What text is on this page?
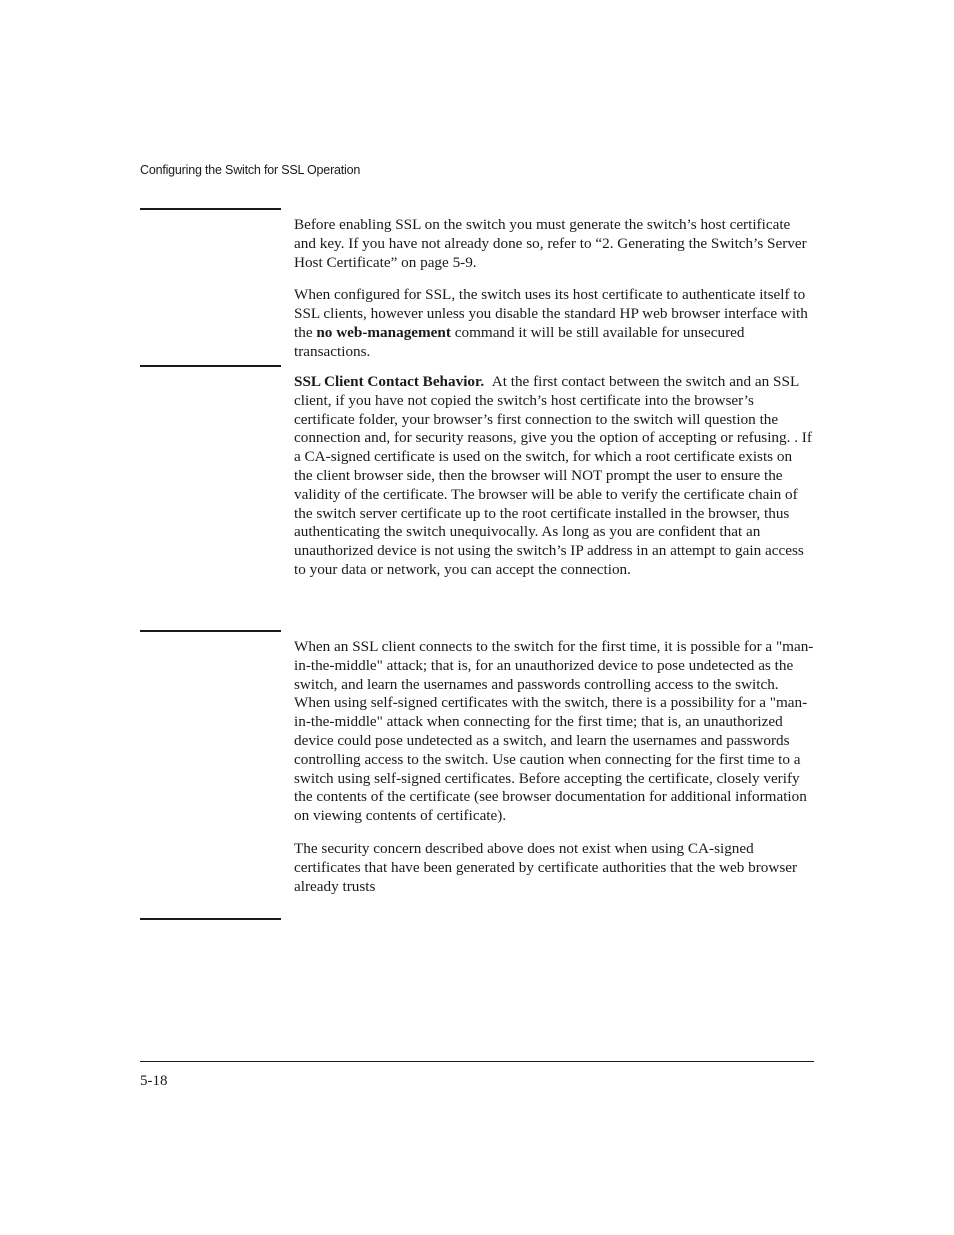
Configuring the Switch for SSL Operation

Before enabling SSL on the switch you must generate the switch’s host certificate and key. If you have not already done so, refer to “2. Generating the Switch’s Server Host Certificate” on page 5-9.

When configured for SSL, the switch uses its host certificate to authenticate itself to SSL clients, however unless you disable the standard HP web browser interface with the no web-management command it will be still available for unsecured transactions.

SSL Client Contact Behavior. At the first contact between the switch and an SSL client, if you have not copied the switch’s host certificate into the browser’s certificate folder, your browser’s first connection to the switch will question the connection and, for security reasons, give you the option of accepting or refusing. . If a CA-signed certificate is used on the switch, for which a root certificate exists on the client browser side, then the browser will NOT prompt the user to ensure the validity of the certificate. The browser will be able to verify the certificate chain of the switch server certificate up to the root certificate installed in the browser, thus authenticating the switch unequivocally. As long as you are confident that an unauthorized device is not using the switch’s IP address in an attempt to gain access to your data or network, you can accept the connection.

When an SSL client connects to the switch for the first time, it is possible for a "man-in-the-middle" attack; that is, for an unauthorized device to pose undetected as the switch, and learn the usernames and passwords controlling access to the switch. When using self-signed certificates with the switch, there is a possibility for a "man-in-the-middle" attack when connecting for the first time; that is, an unauthorized device could pose undetected as a switch, and learn the usernames and passwords controlling access to the switch. Use caution when connecting for the first time to a switch using self-signed certificates. Before accepting the certificate, closely verify the contents of the certificate (see browser documentation for additional information on viewing contents of certificate).

The security concern described above does not exist when using CA-signed certificates that have been generated by certificate authorities that the web browser already trusts

5-18
